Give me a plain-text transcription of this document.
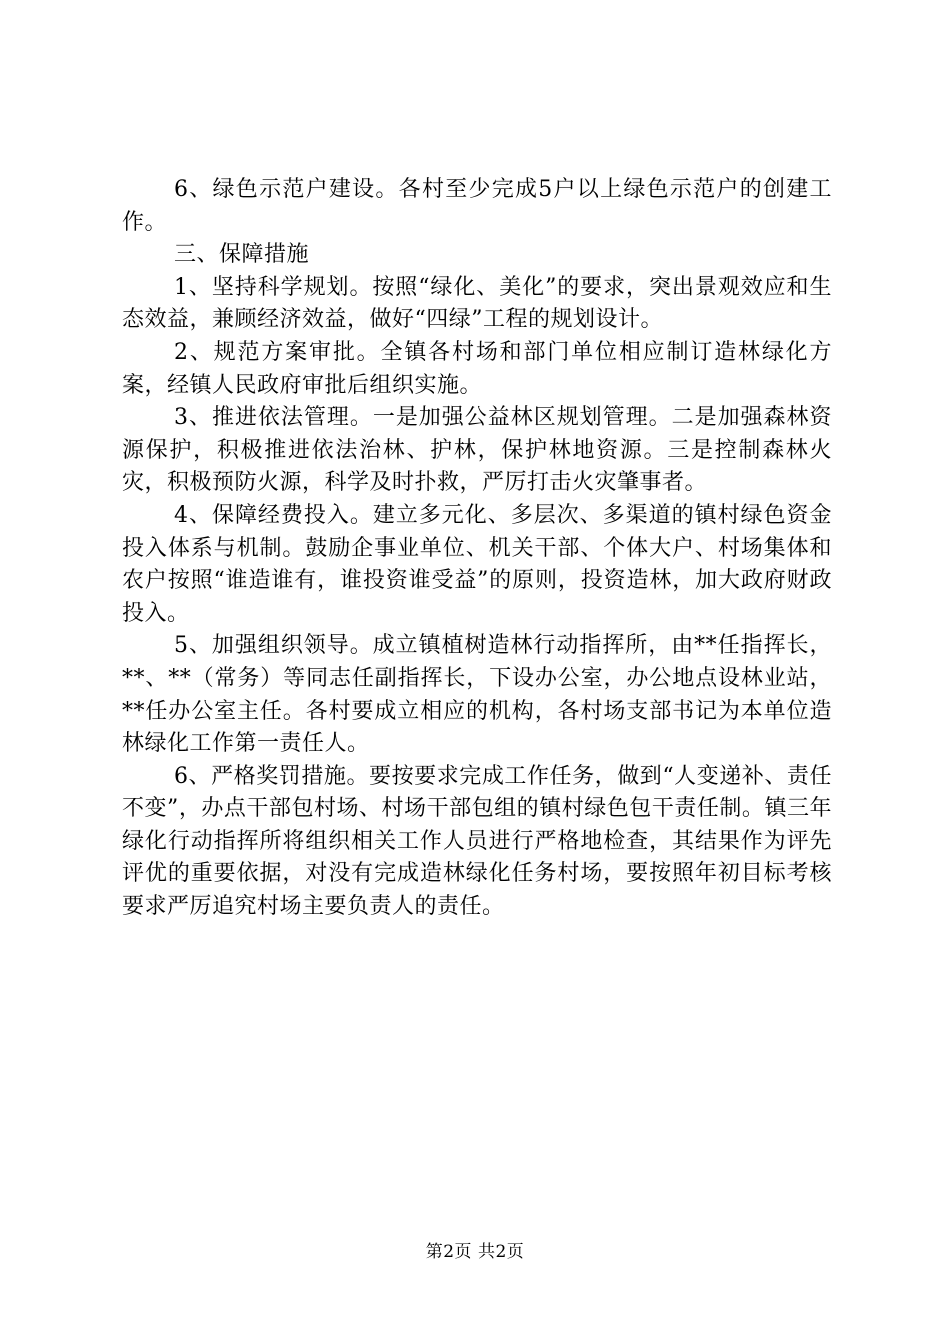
6、绿色示范户建设。各村至少完成5户以上绿色示范户的创建工作。

三、保障措施

1、坚持科学规划。按照“绿化、美化”的要求，突出景观效应和生态效益，兼顾经济效益，做好“四绿”工程的规划设计。

2、规范方案审批。全镇各村场和部门单位相应制订造林绿化方案，经镇人民政府审批后组织实施。

3、推进依法管理。一是加强公益林区规划管理。二是加强森林资源保护，积极推进依法治林、护林，保护林地资源。三是控制森林火灾，积极预防火源，科学及时扑救，严厉打击火灾肇事者。

4、保障经费投入。建立多元化、多层次、多渠道的镇村绿色资金投入体系与机制。鼓励企事业单位、机关干部、个体大户、村场集体和农户按照“谁造谁有，谁投资谁受益”的原则，投资造林，加大政府财政投入。

5、加强组织领导。成立镇植树造林行动指挥所，由**任指挥长，**、**（常务）等同志任副指挥长，下设办公室，办公地点设林业站，**任办公室主任。各村要成立相应的机构，各村场支部书记为本单位造林绿化工作第一责任人。

6、严格奖罚措施。要按要求完成工作任务，做到“人变递补、责任不变”，办点干部包村场、村场干部包组的镇村绿色包干责任制。镇三年绿化行动指挥所将组织相关工作人员进行严格地检查，其结果作为评先评优的重要依据，对没有完成造林绿化任务村场，要按照年初目标考核要求严厉追究村场主要负责人的责任。

第2页 共2页
